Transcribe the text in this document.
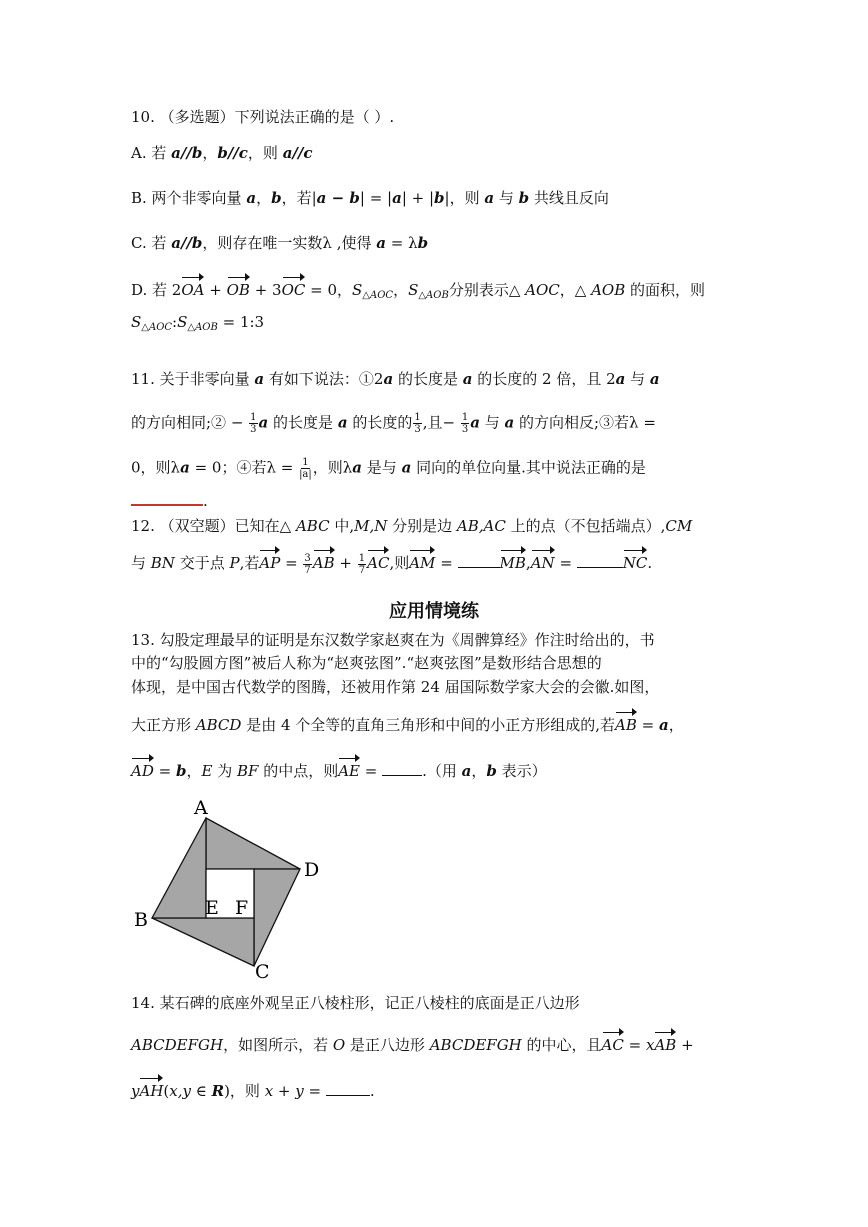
10. （多选题）下列说法正确的是（ ）.
A. 若 a//b，b//c，则 a//c
B. 两个非零向量 a，b，若|a − b| = |a| + |b|，则 a 与 b 共线且反向
C. 若 a//b，则存在唯一实数λ ,使得 a = λb
D. 若 2OA + OB + 3OC = 0，$S_{\triangle AOC}$，$S_{\triangle AOB}$分别表示△ AOC，△ AOB 的面积，则
$S_{\triangle AOC}:S_{\triangle AOB}$ = 1:3
11. 关于非零向量 a 有如下说法：①2a 的长度是 a 的长度的 2 倍，且 2a 与 a
的方向相同;② − $\frac{1}{3}$ a 的长度是 a 的长度的 $\frac{1}{3}$ ,且− $\frac{1}{3}$ a 与 a 的方向相反;③若λ =
0，则λa = 0；④若$\lambda = \frac{1}{|a|}$ ，则λa 是与 a 同向的单位向量.其中说法正确的是
.
12. （双空题）已知在△ ABC 中,M,N 分别是边 AB,AC 上的点（不包括端点）,CM
与 BN 交于点 P,若AP = $\frac{3}{7}$ AB + $\frac{1}{7}$ AC,则AM =	MB,AN =	NC.
应用情境练
13. 勾股定理最早的证明是东汉数学家赵爽在为《周髀算经》作注时给出的，书
中的“勾股圆方图”被后人称为“赵爽弦图”.“赵爽弦图”是数形结合思想的
体现，是中国古代数学的图腾，还被用作第 24 届国际数学家大会的会徽.如图，
大正方形 ABCD 是由 4 个全等的直角三角形和中间的小正方形组成的,若AB = a，
AD = b，E 为 BF 的中点，则AE =	.（用 a，b 表示）
A
B
C
D
E F
14. 某石碑的底座外观呈正八棱柱形，记正八棱柱的底面是正八边形
ABCDEFGH，如图所示，若 O 是正八边形 ABCDEFGH 的中心，且AC = xAB +
yAH(x,y ∈ R)，则 x + y =	.
